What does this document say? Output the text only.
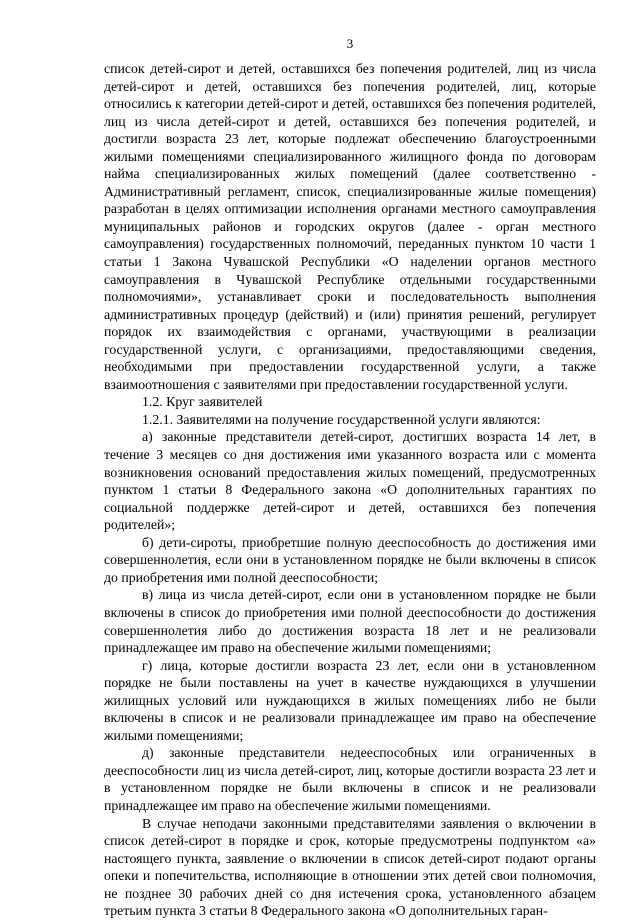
3

список детей-сирот и детей, оставшихся без попечения родителей, лиц из числа детей-сирот и детей, оставшихся без попечения родителей, лиц, которые относились к категории детей-сирот и детей, оставшихся без попечения родителей, лиц из числа детей-сирот и детей, оставшихся без попечения родителей, и достигли возраста 23 лет, которые подлежат обеспечению благоустроенными жилыми помещениями специализированного жилищного фонда по договорам найма специализированных жилых помещений (далее соответственно - Административный регламент, список, специализированные жилые помещения) разработан в целях оптимизации исполнения органами местного самоуправления муниципальных районов и городских округов (далее - орган местного самоуправления) государственных полномочий, переданных пунктом 10 части 1 статьи 1 Закона Чувашской Республики «О наделении органов местного самоуправления в Чувашской Республике отдельными государственными полномочиями», устанавливает сроки и последовательность выполнения административных процедур (действий) и (или) принятия решений, регулирует порядок их взаимодействия с органами, участвующими в реализации государственной услуги, с организациями, предоставляющими сведения, необходимыми при предоставлении государственной услуги, а также взаимоотношения с заявителями при предоставлении государственной услуги.

1.2. Круг заявителей

1.2.1. Заявителями на получение государственной услуги являются:

а) законные представители детей-сирот, достигших возраста 14 лет, в течение 3 месяцев со дня достижения ими указанного возраста или с момента возникновения оснований предоставления жилых помещений, предусмотренных пунктом 1 статьи 8 Федерального закона «О дополнительных гарантиях по социальной поддержке детей-сирот и детей, оставшихся без попечения родителей»;

б) дети-сироты, приобретшие полную дееспособность до достижения ими совершеннолетия, если они в установленном порядке не были включены в список до приобретения ими полной дееспособности;

в) лица из числа детей-сирот, если они в установленном порядке не были включены в список до приобретения ими полной дееспособности до достижения совершеннолетия либо до достижения возраста 18 лет и не реализовали принадлежащее им право на обеспечение жилыми помещениями;

г) лица, которые достигли возраста 23 лет, если они в установленном порядке не были поставлены на учет в качестве нуждающихся в улучшении жилищных условий или нуждающихся в жилых помещениях либо не были включены в список и не реализовали принадлежащее им право на обеспечение жилыми помещениями;

д) законные представители недееспособных или ограниченных в дееспособности лиц из числа детей-сирот, лиц, которые достигли возраста 23 лет и в установленном порядке не были включены в список и не реализовали принадлежащее им право на обеспечение жилыми помещениями.

В случае неподачи законными представителями заявления о включении в список детей-сирот в порядке и срок, которые предусмотрены подпунктом «а» настоящего пункта, заявление о включении в список детей-сирот подают органы опеки и попечительства, исполняющие в отношении этих детей свои полномочия, не позднее 30 рабочих дней со дня истечения срока, установленного абзацем третьим пункта 3 статьи 8 Федерального закона «О дополнительных гаран-
